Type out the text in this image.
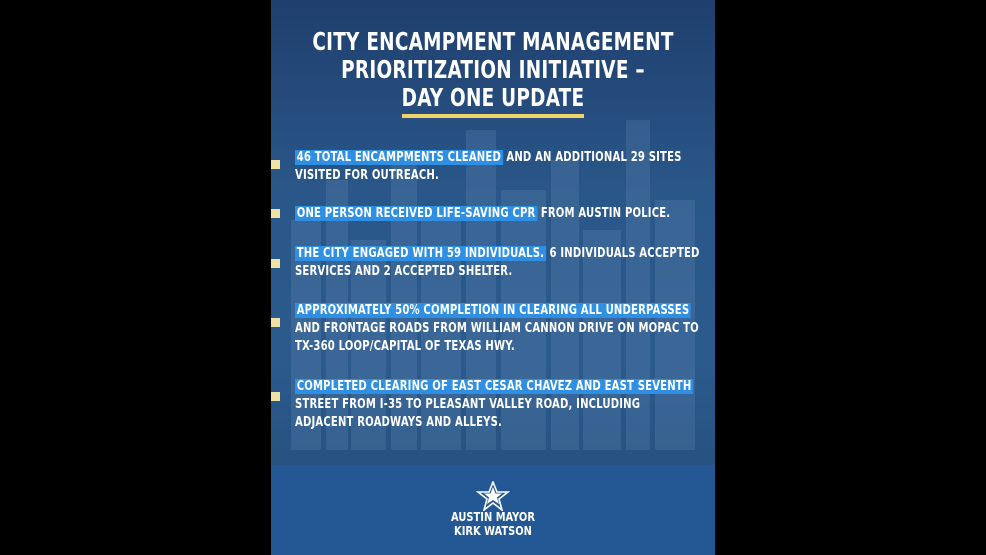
CITY ENCAMPMENT MANAGEMENT
PRIORITIZATION INITIATIVE –
DAY ONE UPDATE
46 TOTAL ENCAMPMENTS CLEANED AND AN ADDITIONAL 29 SITES
VISITED FOR OUTREACH.
ONE PERSON RECEIVED LIFE-SAVING CPR FROM AUSTIN POLICE.
THE CITY ENGAGED WITH 59 INDIVIDUALS. 6 INDIVIDUALS ACCEPTED
SERVICES AND 2 ACCEPTED SHELTER.
APPROXIMATELY 50% COMPLETION IN CLEARING ALL UNDERPASSES
AND FRONTAGE ROADS FROM WILLIAM CANNON DRIVE ON MOPAC TO
TX-360 LOOP/CAPITAL OF TEXAS HWY.
COMPLETED CLEARING OF EAST CESAR CHAVEZ AND EAST SEVENTH
STREET FROM I-35 TO PLEASANT VALLEY ROAD, INCLUDING
ADJACENT ROADWAYS AND ALLEYS.
AUSTIN MAYOR
KIRK WATSON
